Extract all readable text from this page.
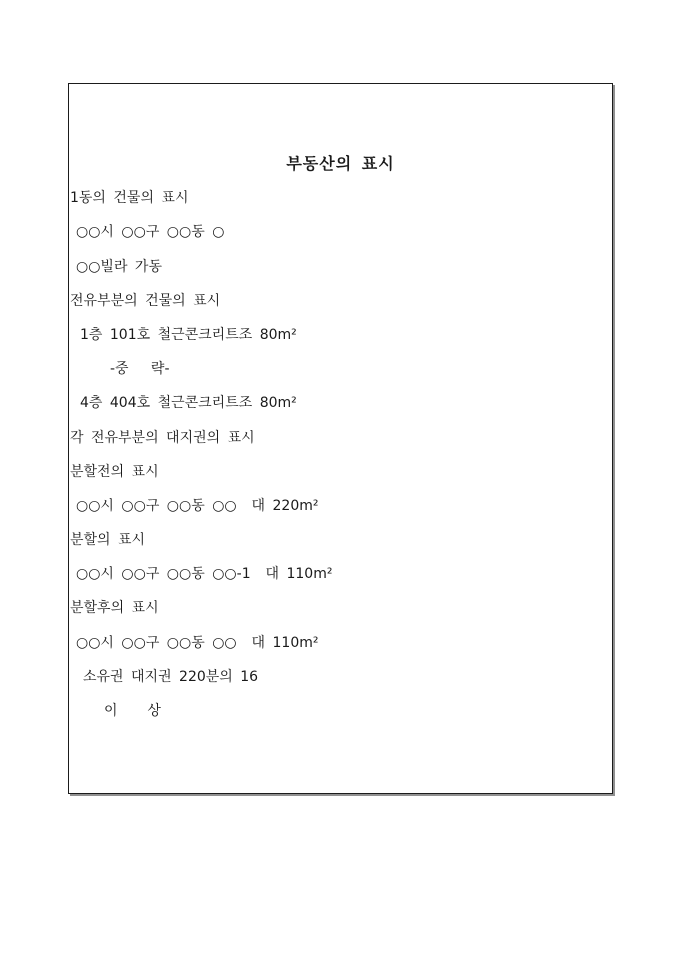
부동산의 표시
1동의 건물의 표시
○○시 ○○구 ○○동 ○
○○빌라 가동
전유부분의 건물의 표시
1층 101호 철근콘크리트조 80m²
-중   략-
4층 404호 철근콘크리트조 80m²
각 전유부분의 대지권의 표시
분할전의 표시
○○시 ○○구 ○○동 ○○  대 220m²
분할의 표시
○○시 ○○구 ○○동 ○○-1  대 110m²
분할후의 표시
○○시 ○○구 ○○동 ○○  대 110m²
소유권 대지권 220분의 16
이    상
